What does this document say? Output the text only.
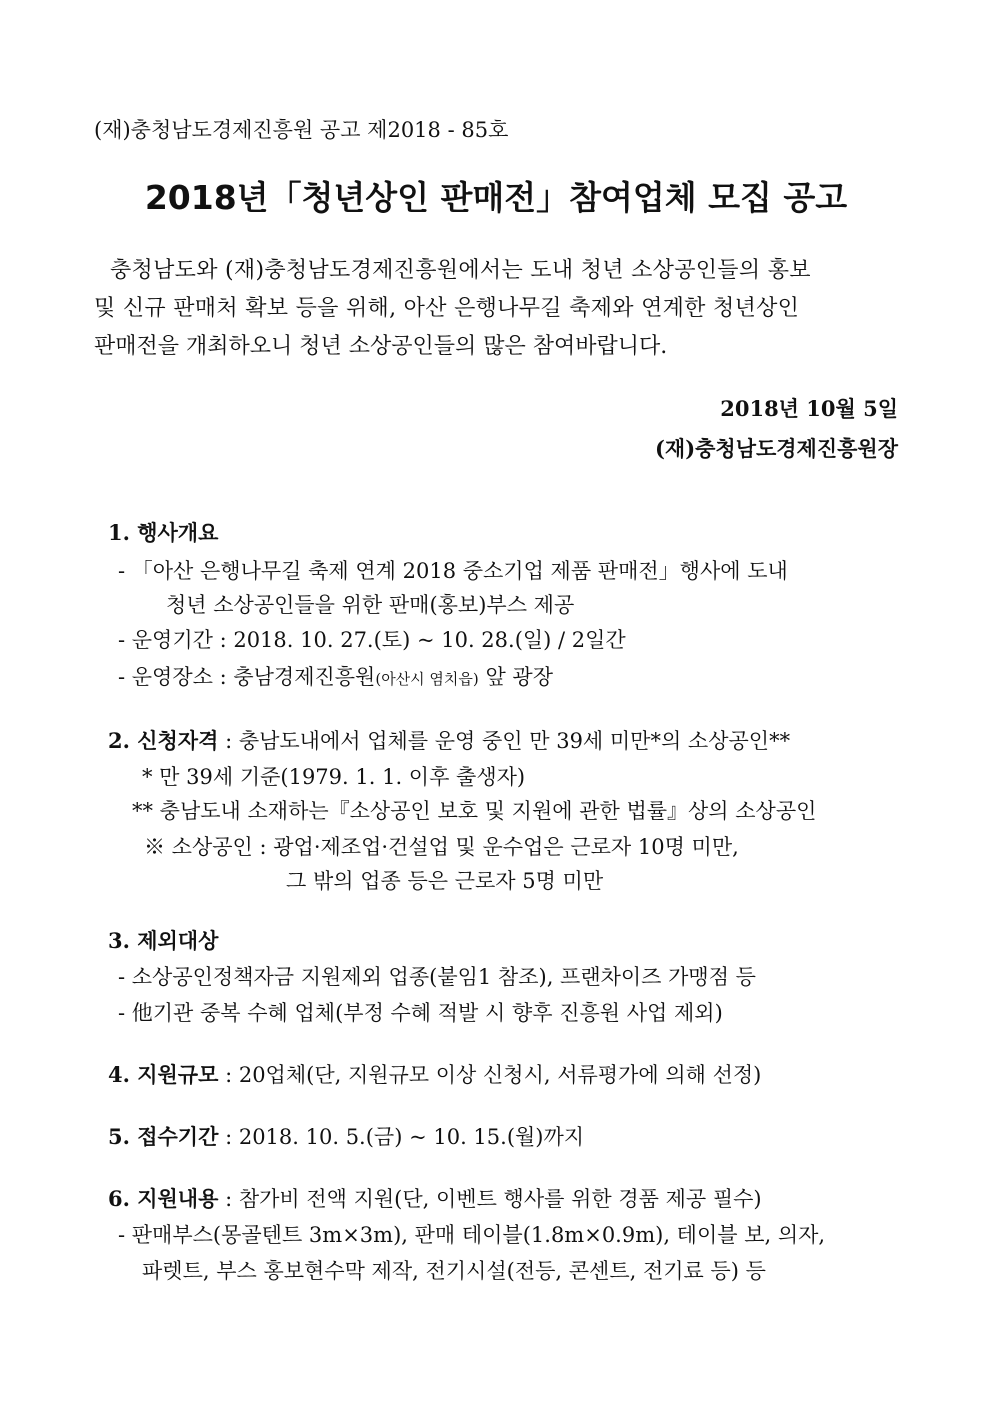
(재)충청남도경제진흥원 공고 제2018 - 85호
2018년「청년상인 판매전」참여업체 모집 공고
충청남도와 (재)충청남도경제진흥원에서는 도내 청년 소상공인들의 홍보
및 신규 판매처 확보 등을 위해, 아산 은행나무길 축제와 연계한 청년상인
판매전을 개최하오니 청년 소상공인들의 많은 참여바랍니다.
2018년 10월 5일
(재)충청남도경제진흥원장
1. 행사개요
- 「아산 은행나무길 축제 연계 2018 중소기업 제품 판매전」행사에 도내
청년 소상공인들을 위한 판매(홍보)부스 제공
- 운영기간 : 2018. 10. 27.(토) ~ 10. 28.(일) / 2일간
- 운영장소 : 충남경제진흥원(아산시 염치읍) 앞 광장
2. 신청자격 : 충남도내에서 업체를 운영 중인 만 39세 미만*의 소상공인**
* 만 39세 기준(1979. 1. 1. 이후 출생자)
** 충남도내 소재하는『소상공인 보호 및 지원에 관한 법률』상의 소상공인
※ 소상공인 : 광업·제조업·건설업 및 운수업은 근로자 10명 미만,
그 밖의 업종 등은 근로자 5명 미만
3. 제외대상
- 소상공인정책자금 지원제외 업종(붙임1 참조), 프랜차이즈 가맹점 등
- 他기관 중복 수혜 업체(부정 수혜 적발 시 향후 진흥원 사업 제외)
4. 지원규모 : 20업체(단, 지원규모 이상 신청시, 서류평가에 의해 선정)
5. 접수기간 : 2018. 10. 5.(금) ~ 10. 15.(월)까지
6. 지원내용 : 참가비 전액 지원(단, 이벤트 행사를 위한 경품 제공 필수)
- 판매부스(몽골텐트 3m×3m), 판매 테이블(1.8m×0.9m), 테이블 보, 의자,
파렛트, 부스 홍보현수막 제작, 전기시설(전등, 콘센트, 전기료 등) 등
